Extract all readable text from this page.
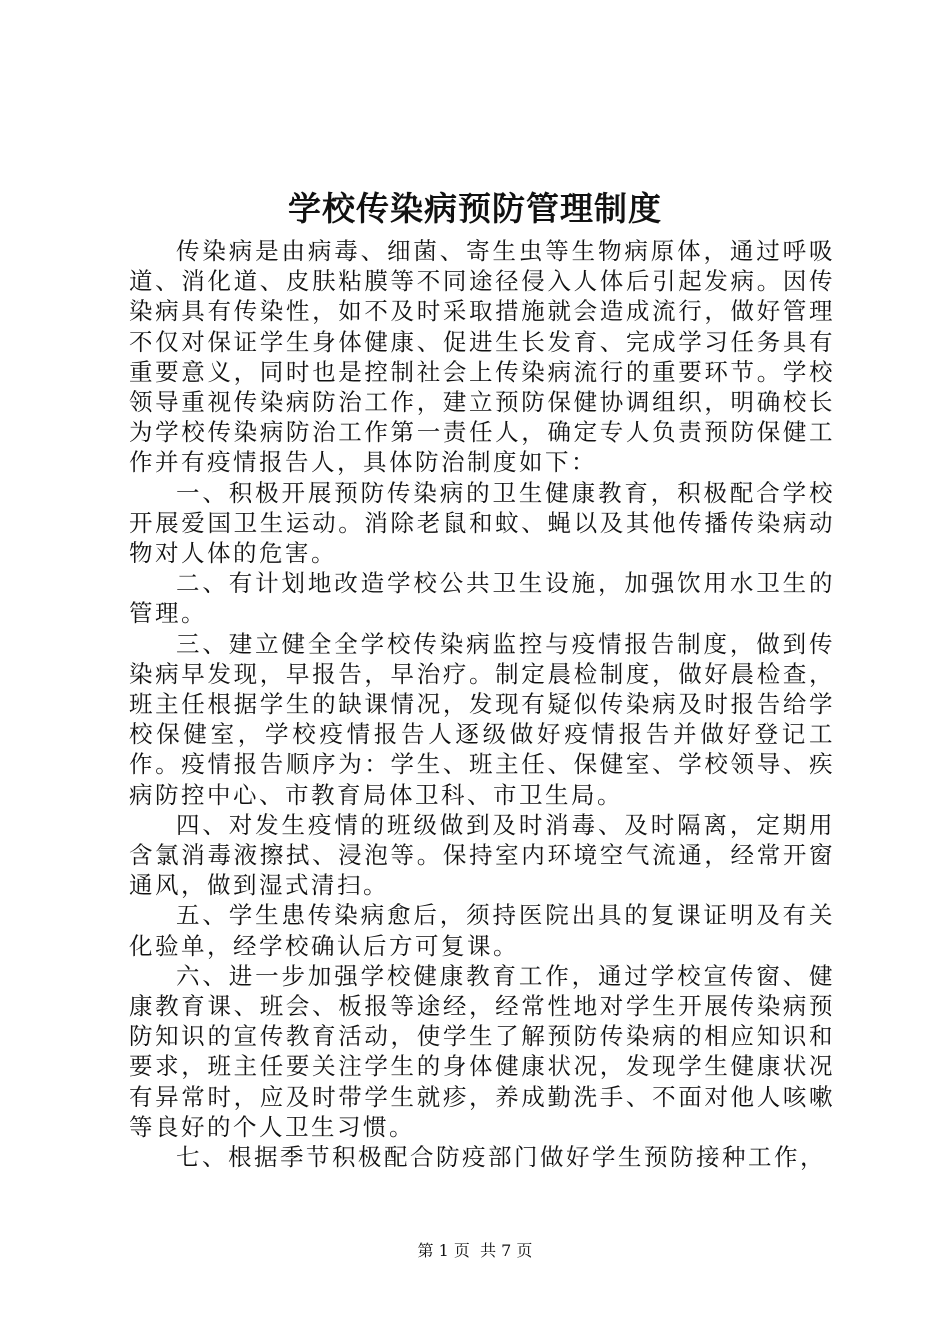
学校传染病预防管理制度

传染病是由病毒、细菌、寄生虫等生物病原体，通过呼吸道、消化道、皮肤粘膜等不同途径侵入人体后引起发病。因传染病具有传染性，如不及时采取措施就会造成流行，做好管理不仅对保证学生身体健康、促进生长发育、完成学习任务具有重要意义，同时也是控制社会上传染病流行的重要环节。学校领导重视传染病防治工作，建立预防保健协调组织，明确校长为学校传染病防治工作第一责任人，确定专人负责预防保健工作并有疫情报告人，具体防治制度如下：

一、积极开展预防传染病的卫生健康教育，积极配合学校开展爱国卫生运动。消除老鼠和蚊、蝇以及其他传播传染病动物对人体的危害。

二、有计划地改造学校公共卫生设施，加强饮用水卫生的管理。

三、建立健全全学校传染病监控与疫情报告制度，做到传染病早发现，早报告，早治疗。制定晨检制度，做好晨检查，班主任根据学生的缺课情况，发现有疑似传染病及时报告给学校保健室，学校疫情报告人逐级做好疫情报告并做好登记工作。疫情报告顺序为：学生、班主任、保健室、学校领导、疾病防控中心、市教育局体卫科、市卫生局。

四、对发生疫情的班级做到及时消毒、及时隔离，定期用含氯消毒液擦拭、浸泡等。保持室内环境空气流通，经常开窗通风，做到湿式清扫。

五、学生患传染病愈后，须持医院出具的复课证明及有关化验单，经学校确认后方可复课。

六、进一步加强学校健康教育工作，通过学校宣传窗、健康教育课、班会、板报等途经，经常性地对学生开展传染病预防知识的宣传教育活动，使学生了解预防传染病的相应知识和要求，班主任要关注学生的身体健康状况，发现学生健康状况有异常时，应及时带学生就疹，养成勤洗手、不面对他人咳嗽等良好的个人卫生习惯。

七、根据季节积极配合防疫部门做好学生预防接种工作，

第 1 页  共 7 页
